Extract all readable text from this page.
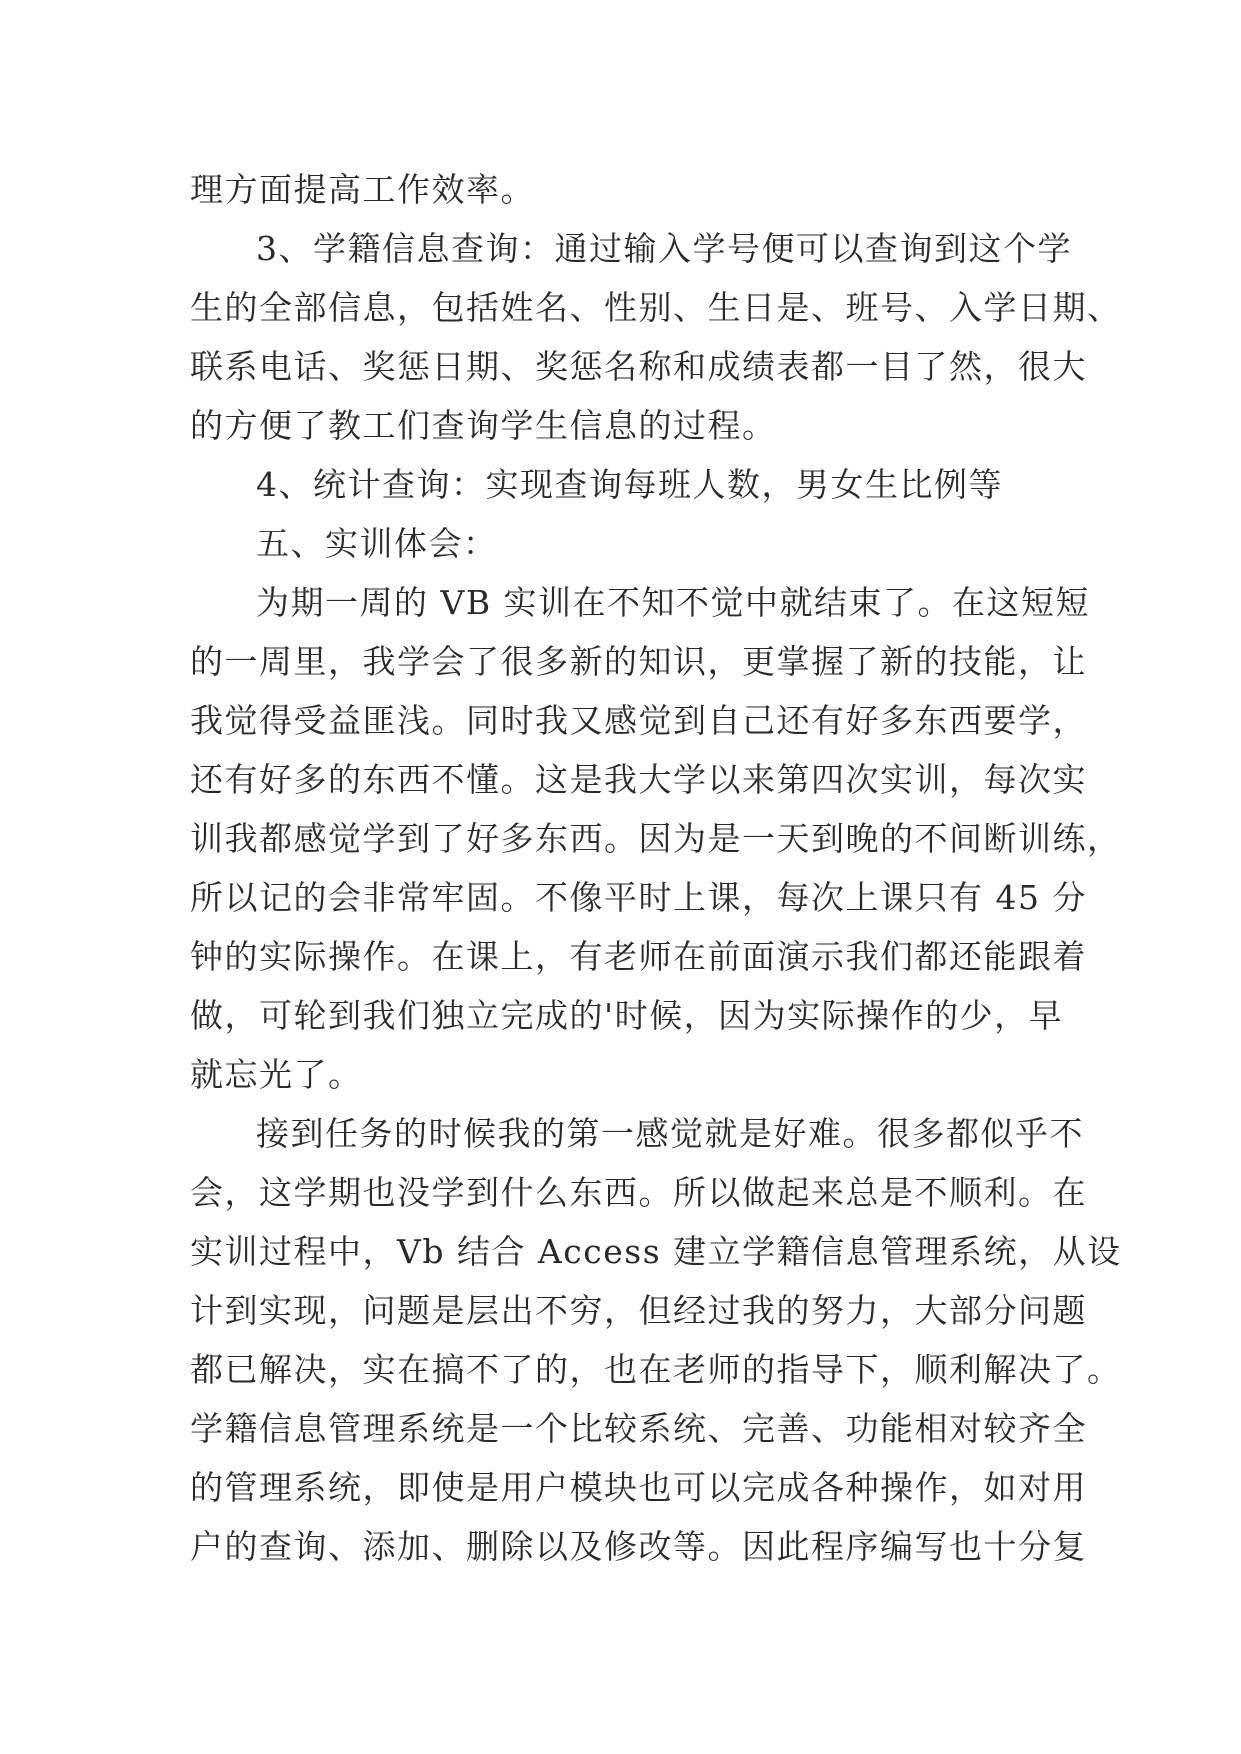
理方面提高工作效率。
3、学籍信息查询：通过输入学号便可以查询到这个学
生的全部信息，包括姓名、性别、生日是、班号、入学日期、
联系电话、奖惩日期、奖惩名称和成绩表都一目了然，很大
的方便了教工们查询学生信息的过程。
4、统计查询：实现查询每班人数，男女生比例等
五、实训体会：
为期一周的 VB 实训在不知不觉中就结束了。在这短短
的一周里，我学会了很多新的知识，更掌握了新的技能，让
我觉得受益匪浅。同时我又感觉到自己还有好多东西要学，
还有好多的东西不懂。这是我大学以来第四次实训，每次实
训我都感觉学到了好多东西。因为是一天到晚的不间断训练，
所以记的会非常牢固。不像平时上课，每次上课只有 45 分
钟的实际操作。在课上，有老师在前面演示我们都还能跟着
做，可轮到我们独立完成的'时候，因为实际操作的少，早
就忘光了。
接到任务的时候我的第一感觉就是好难。很多都似乎不
会，这学期也没学到什么东西。所以做起来总是不顺利。在
实训过程中，Vb 结合 Access 建立学籍信息管理系统，从设
计到实现，问题是层出不穷，但经过我的努力，大部分问题
都已解决，实在搞不了的，也在老师的指导下，顺利解决了。
学籍信息管理系统是一个比较系统、完善、功能相对较齐全
的管理系统，即使是用户模块也可以完成各种操作，如对用
户的查询、添加、删除以及修改等。因此程序编写也十分复
